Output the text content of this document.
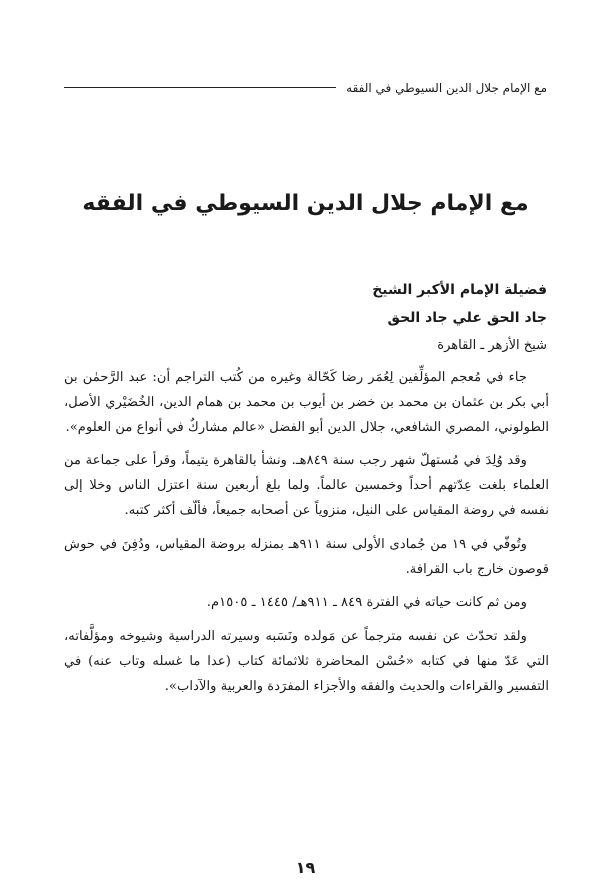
مع الإمام جلال الدين السيوطي في الفقه
مع الإمام جلال الدين السيوطي في الفقه
فضيلة الإمام الأكبر الشيخ
جاد الحق علي جاد الحق
شيخ الأزهر ـ القاهرة

جاء في مُعجم المؤلِّفين لِعُمَر رضا كَحّالة وغيره من كُتب التراجم أن: عبد الرَّحمٰن بن أبي بكر بن عثمان بن محمد بن خضر بن أيوب بن محمد بن همام الدين، الخُضَيْري الأصل، الطولوني، المصري الشافعي، جلال الدين أبو الفضل «عالم مشاركٌ في أنواع من العلوم».

وقد وُلِدَ في مُستهلّ شهر رجب سنة ٨٤٩هـ. ونشأ بالقاهرة يتيماً، وقرأ على جماعة من العلماء بلغت عِدّتهم أحداً وخمسين عالماً. ولما بلغ أربعين سنة اعتزل الناس وخلا إلى نفسه في روضة المقياس على النيل، منزوياً عن أصحابه جميعاً، فألّف أكثر كتبه.

وتُوفّي في ١٩ من جُمادى الأولى سنة ٩١١هـ بمنزله بروضة المقياس، ودُفِنَ في حوش قوصون خارج باب القرافة.

ومن ثم كانت حياته في الفترة ٨٤٩ ـ ٩١١هـ/ ١٤٤٥ ـ ١٥٠٥م.

ولقد تحدّث عن نفسه مترجماً عن مَولده ونَسَبه وسيرته الدراسية وشيوخه ومؤلَّفاته، التي عَدّ منها في كتابه «حُسْن المحاضرة ثلاثمائة كتاب (عدا ما غسله وتاب عنه) في التفسير والقراءات والحديث والفقه والأجزاء المفرَدة والعربية والآداب».

١٩
